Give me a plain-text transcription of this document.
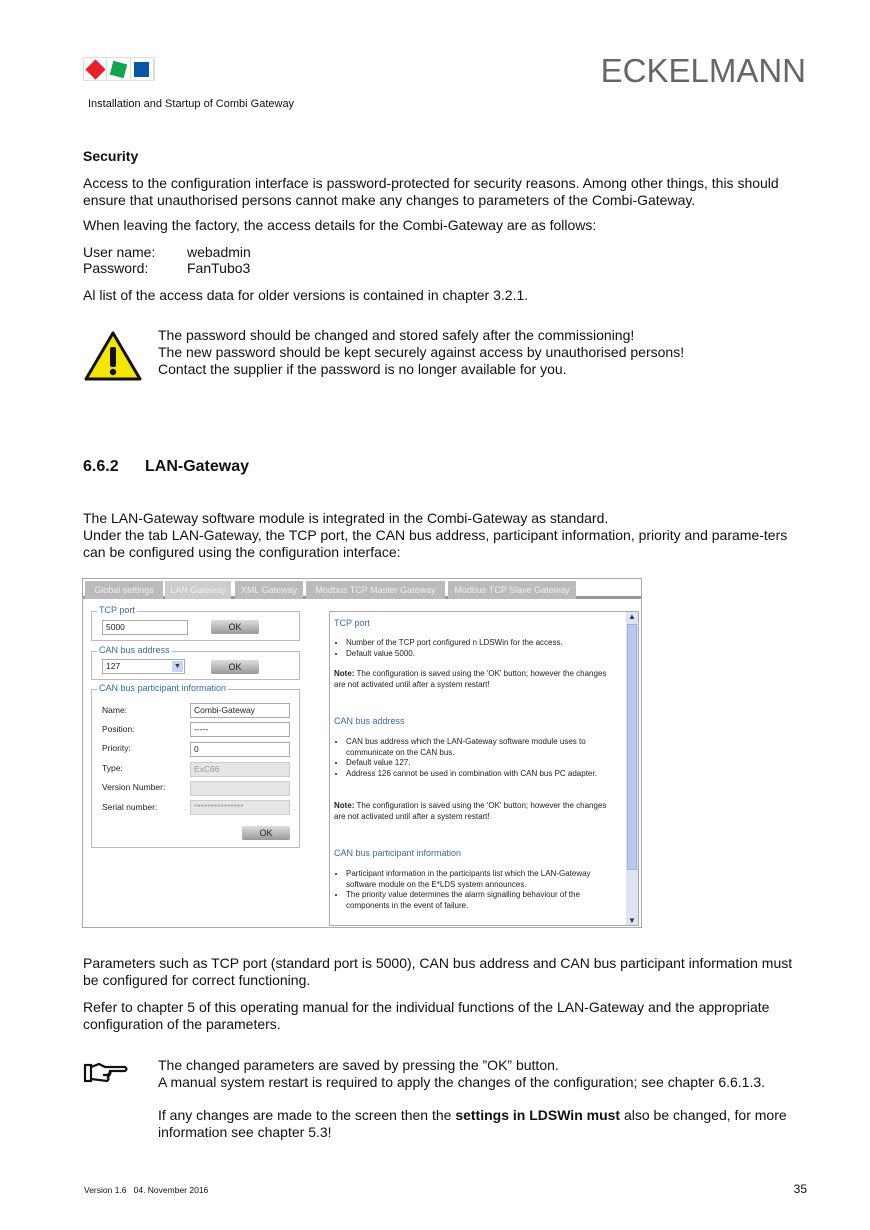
ECKELMANN
Installation and Startup of Combi Gateway
Security
Access to the configuration interface is password-protected for security reasons. Among other things, this should ensure that unauthorised persons cannot make any changes to parameters of the Combi-Gateway.
When leaving the factory, the access details for the Combi-Gateway are as follows:
User name:	webadmin
Password:	FanTubo3
Al list of the access data for older versions is contained in chapter 3.2.1.
The password should be changed and stored safely after the commissioning!
The new password should be kept securely against access by unauthorised persons!
Contact the supplier if the password is no longer available for you.
6.6.2	LAN-Gateway
The LAN-Gateway software module is integrated in the Combi-Gateway as standard.
Under the tab LAN-Gateway, the TCP port, the CAN bus address, participant information, priority and parame-ters can be configured using the configuration interface:
Global settings	LAN Gateway	XML Gateway	Modbus TCP Master Gateway	Modbus TCP Slave Gateway
TCP port
5000	OK
CAN bus address
127	▼	OK
CAN bus participant information
Name:	Combi-Gateway
Position:	-----
Priority:	0
Type:	ExC66
Version Number:
Serial number:	***************
OK
TCP port
• Number of the TCP port configured n LDSWin for the access.
• Default value 5000.
Note: The configuration is saved using the 'OK' button; however the changes are not activated until after a system restart!
CAN bus address
• CAN bus address which the LAN-Gateway software module uses to communicate on the CAN bus.
• Default value 127.
• Address 126 cannot be used in combination with CAN bus PC adapter.
Note: The configuration is saved using the 'OK' button; however the changes are not activated until after a system restart!
CAN bus participant information
• Participant information in the participants list which the LAN-Gateway software module on the E*LDS system announces.
• The priority value determines the alarm signalling behaviour of the components in the event of failure.
▲
▼
Parameters such as TCP port (standard port is 5000), CAN bus address and CAN bus participant information must be configured for correct functioning.
Refer to chapter 5 of this operating manual for the individual functions of the LAN-Gateway and the appropriate configuration of the parameters.
The changed parameters are saved by pressing the ”OK” button.
A manual system restart is required to apply the changes of the configuration; see chapter 6.6.1.3.
If any changes are made to the screen then the settings in LDSWin must also be changed, for more information see chapter 5.3!
Version 1.6   04. November 2016	35
